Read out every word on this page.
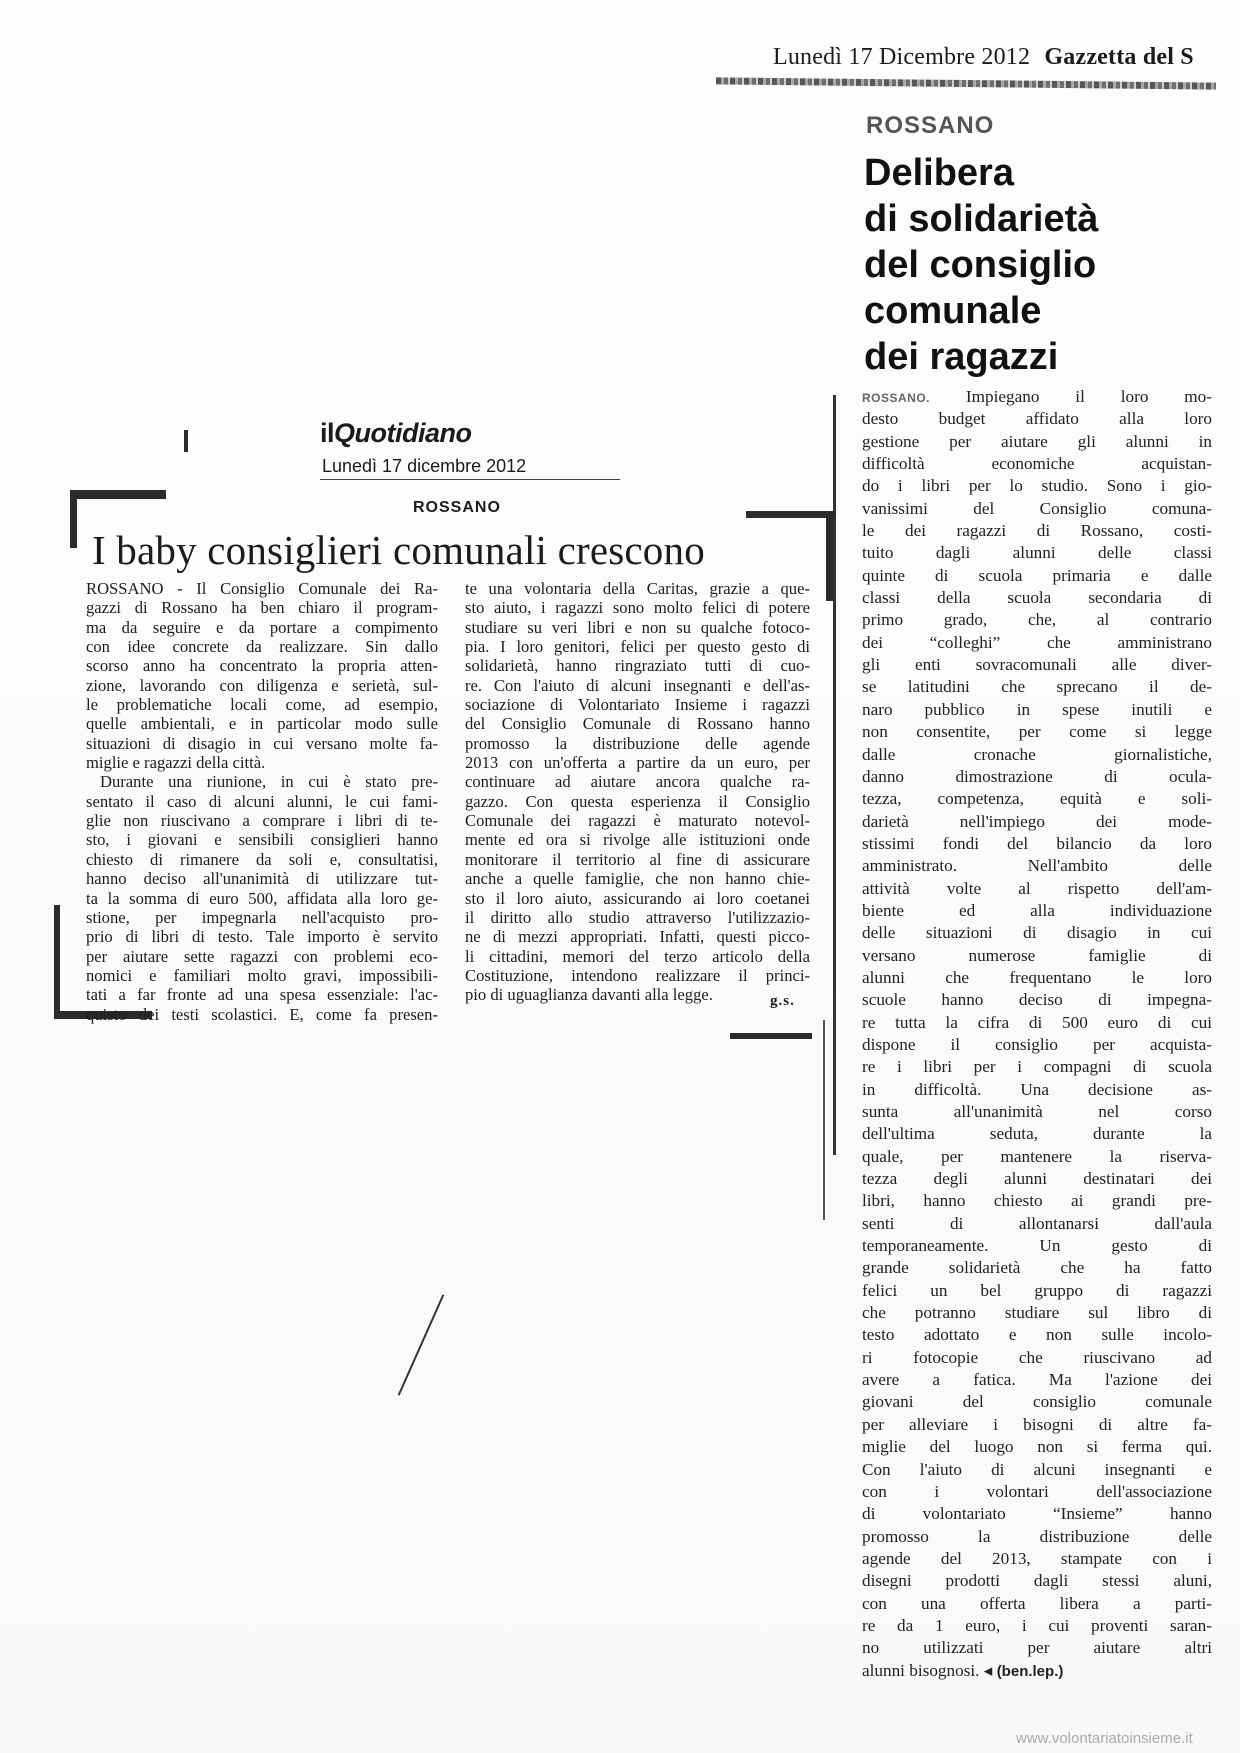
Lunedì 17 Dicembre 2012 Gazzetta del S
ROSSANO
Delibera
di solidarietà
del consiglio
comunale
dei ragazzi
ROSSANO. Impiegano il loro mo-
desto budget affidato alla loro
gestione per aiutare gli alunni in
difficoltà economiche acquistan-
do i libri per lo studio. Sono i gio-
vanissimi del Consiglio comuna-
le dei ragazzi di Rossano, costi-
tuito dagli alunni delle classi
quinte di scuola primaria e dalle
classi della scuola secondaria di
primo grado, che, al contrario
dei “colleghi” che amministrano
gli enti sovracomunali alle diver-
se latitudini che sprecano il de-
naro pubblico in spese inutili e
non consentite, per come si legge
dalle cronache giornalistiche,
danno dimostrazione di ocula-
tezza, competenza, equità e soli-
darietà nell'impiego dei mode-
stissimi fondi del bilancio da loro
amministrato. Nell'ambito delle
attività volte al rispetto dell'am-
biente ed alla individuazione
delle situazioni di disagio in cui
versano numerose famiglie di
alunni che frequentano le loro
scuole hanno deciso di impegna-
re tutta la cifra di 500 euro di cui
dispone il consiglio per acquista-
re i libri per i compagni di scuola
in difficoltà. Una decisione as-
sunta all'unanimità nel corso
dell'ultima seduta, durante la
quale, per mantenere la riserva-
tezza degli alunni destinatari dei
libri, hanno chiesto ai grandi pre-
senti di allontanarsi dall'aula
temporaneamente. Un gesto di
grande solidarietà che ha fatto
felici un bel gruppo di ragazzi
che potranno studiare sul libro di
testo adottato e non sulle incolo-
ri fotocopie che riuscivano ad
avere a fatica. Ma l'azione dei
giovani del consiglio comunale
per alleviare i bisogni di altre fa-
miglie del luogo non si ferma qui.
Con l'aiuto di alcuni insegnanti e
con i volontari dell'associazione
di volontariato “Insieme” hanno
promosso la distribuzione delle
agende del 2013, stampate con i
disegni prodotti dagli stessi aluni,
con una offerta libera a parti-
re da 1 euro, i cui proventi saran-
no utilizzati per aiutare altri
alunni bisognosi. ◂ (ben.lep.)
ilQuotidiano
Lunedì 17 dicembre 2012
ROSSANO
I baby consiglieri comunali crescono
ROSSANO - Il Consiglio Comunale dei Ra-
gazzi di Rossano ha ben chiaro il program-
ma da seguire e da portare a compimento
con idee concrete da realizzare. Sin dallo
scorso anno ha concentrato la propria atten-
zione, lavorando con diligenza e serietà, sul-
le problematiche locali come, ad esempio,
quelle ambientali, e in particolar modo sulle
situazioni di disagio in cui versano molte fa-
miglie e ragazzi della città.
Durante una riunione, in cui è stato pre-
sentato il caso di alcuni alunni, le cui fami-
glie non riuscivano a comprare i libri di te-
sto, i giovani e sensibili consiglieri hanno
chiesto di rimanere da soli e, consultatisi,
hanno deciso all'unanimità di utilizzare tut-
ta la somma di euro 500, affidata alla loro ge-
stione, per impegnarla nell'acquisto pro-
prio di libri di testo. Tale importo è servito
per aiutare sette ragazzi con problemi eco-
nomici e familiari molto gravi, impossibili-
tati a far fronte ad una spesa essenziale: l'ac-
quisto dei testi scolastici. E, come fa presen-
te una volontaria della Caritas, grazie a que-
sto aiuto, i ragazzi sono molto felici di potere
studiare su veri libri e non su qualche fotoco-
pia. I loro genitori, felici per questo gesto di
solidarietà, hanno ringraziato tutti di cuo-
re. Con l'aiuto di alcuni insegnanti e dell'as-
sociazione di Volontariato Insieme i ragazzi
del Consiglio Comunale di Rossano hanno
promosso la distribuzione delle agende
2013 con un'offerta a partire da un euro, per
continuare ad aiutare ancora qualche ra-
gazzo. Con questa esperienza il Consiglio
Comunale dei ragazzi è maturato notevol-
mente ed ora si rivolge alle istituzioni onde
monitorare il territorio al fine di assicurare
anche a quelle famiglie, che non hanno chie-
sto il loro aiuto, assicurando ai loro coetanei
il diritto allo studio attraverso l'utilizzazio-
ne di mezzi appropriati. Infatti, questi picco-
li cittadini, memori del terzo articolo della
Costituzione, intendono realizzare il princi-
pio di uguaglianza davanti alla legge.	g.s.
www.volontariatoinsieme.it
